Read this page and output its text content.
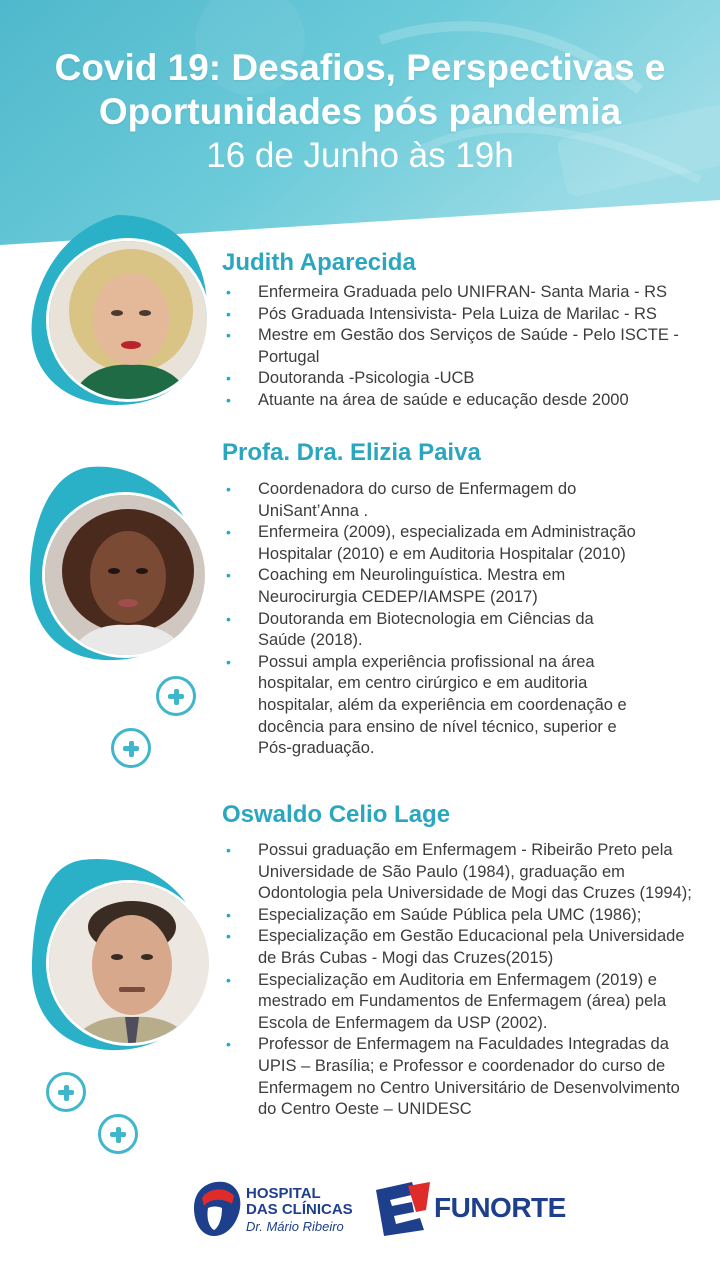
Covid 19: Desafios, Perspectivas e
Oportunidades pós pandemia
16 de Junho às 19h
Judith Aparecida
• Enfermeira Graduada pelo UNIFRAN- Santa Maria - RS
• Pós Graduada Intensivista- Pela Luiza de Marilac - RS
• Mestre em Gestão dos Serviços de Saúde - Pelo ISCTE - Portugal
• Doutoranda -Psicologia -UCB
• Atuante na área de saúde e educação desde 2000
Profa. Dra. Elizia Paiva
• Coordenadora do curso de Enfermagem do UniSant’Anna .
• Enfermeira (2009), especializada em Administração Hospitalar (2010) e em Auditoria Hospitalar (2010)
• Coaching em Neurolinguística. Mestra em Neurocirurgia CEDEP/IAMSPE (2017)
• Doutoranda em Biotecnologia em Ciências da Saúde (2018).
• Possui ampla experiência profissional na área hospitalar, em centro cirúrgico e em auditoria hospitalar, além da experiência em coordenação e docência para ensino de nível técnico, superior e Pós-graduação.
Oswaldo Celio Lage
• Possui graduação em Enfermagem - Ribeirão Preto pela Universidade de São Paulo (1984), graduação em Odontologia pela Universidade de Mogi das Cruzes (1994);
• Especialização em Saúde Pública pela UMC (1986);
• Especialização em Gestão Educacional pela Universidade de Brás Cubas - Mogi das Cruzes(2015)
• Especialização em Auditoria em Enfermagem (2019) e mestrado em Fundamentos de Enfermagem (área) pela Escola de Enfermagem da USP (2002).
• Professor de Enfermagem na Faculdades Integradas da UPIS – Brasília; e Professor e coordenador do curso de Enfermagem no Centro Universitário de Desenvolvimento do Centro Oeste – UNIDESC
HOSPITAL
DAS CLÍNICAS
Dr. Mário Ribeiro
FUNORTE
